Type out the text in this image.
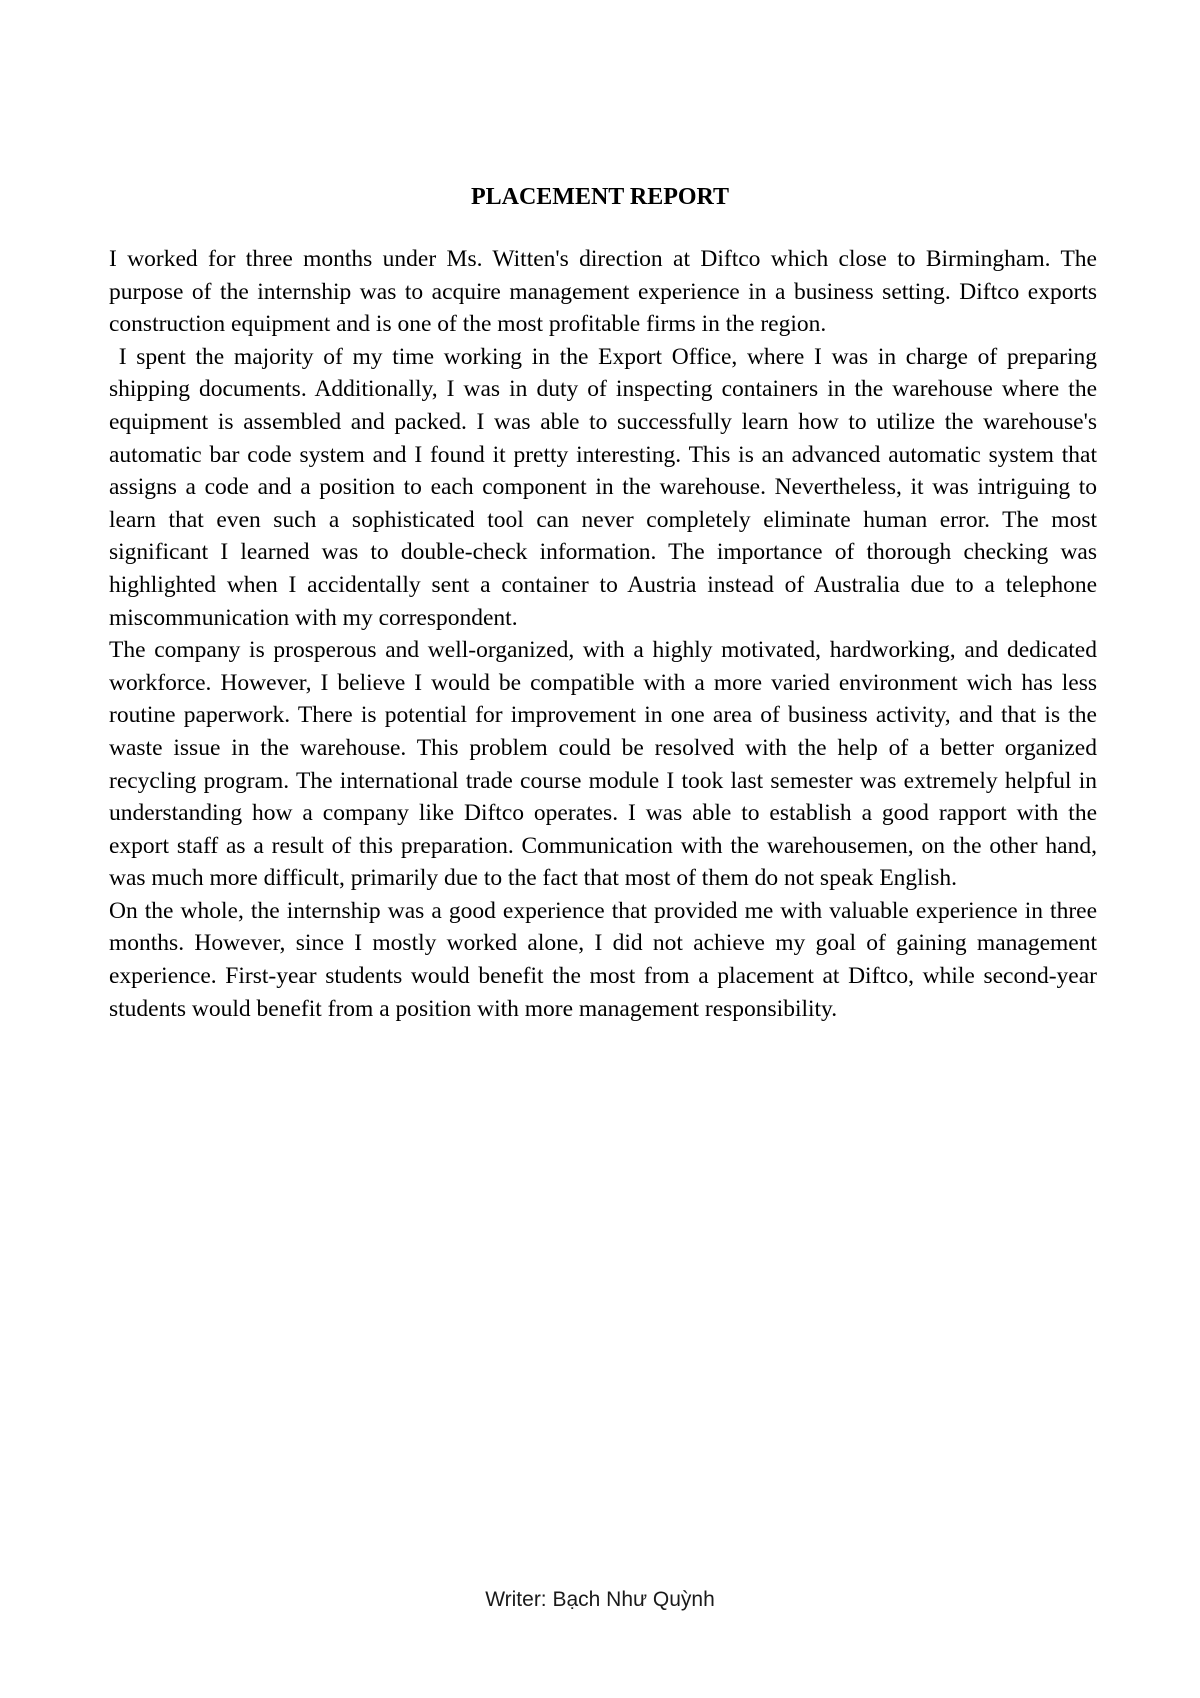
PLACEMENT REPORT

I worked for three months under Ms. Witten's direction at Diftco which close to Birmingham. The purpose of the internship was to acquire management experience in a business setting. Diftco exports construction equipment and is one of the most profitable firms in the region.

I spent the majority of my time working in the Export Office, where I was in charge of preparing shipping documents. Additionally, I was in duty of inspecting containers in the warehouse where the equipment is assembled and packed. I was able to successfully learn how to utilize the warehouse's automatic bar code system and I found it pretty interesting. This is an advanced automatic system that assigns a code and a position to each component in the warehouse. Nevertheless, it was intriguing to learn that even such a sophisticated tool can never completely eliminate human error. The most significant I learned was to double-check information. The importance of thorough checking was highlighted when I accidentally sent a container to Austria instead of Australia due to a telephone miscommunication with my correspondent.

The company is prosperous and well-organized, with a highly motivated, hardworking, and dedicated workforce. However, I believe I would be compatible with a more varied environment wich has less routine paperwork. There is potential for improvement in one area of business activity, and that is the waste issue in the warehouse. This problem could be resolved with the help of a better organized recycling program. The international trade course module I took last semester was extremely helpful in understanding how a company like Diftco operates. I was able to establish a good rapport with the export staff as a result of this preparation. Communication with the warehousemen, on the other hand, was much more difficult, primarily due to the fact that most of them do not speak English.

On the whole, the internship was a good experience that provided me with valuable experience in three months. However, since I mostly worked alone, I did not achieve my goal of gaining management experience. First-year students would benefit the most from a placement at Diftco, while second-year students would benefit from a position with more management responsibility.

Writer: Bạch Như Quỳnh
